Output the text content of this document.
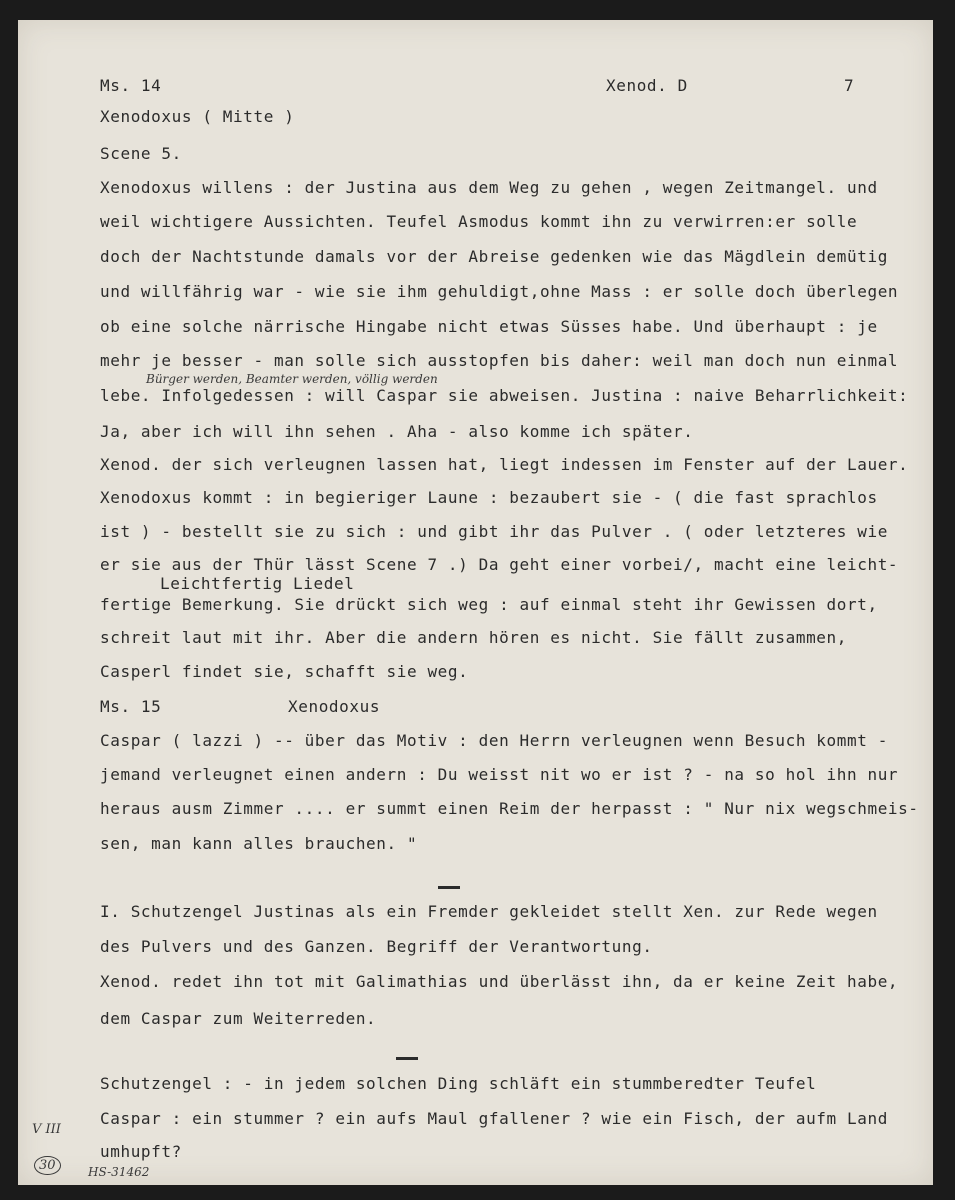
Ms. 14	Xenod. D	7
Xenodoxus ( Mitte )
Scene 5.
Xenodoxus willens : der Justina aus dem Weg zu gehen , wegen Zeitmangel. und
weil wichtigere Aussichten. Teufel Asmodus kommt ihn zu verwirren:er solle
doch der Nachtstunde damals vor der Abreise gedenken wie das Mägdlein demütig
und willfährig war - wie sie ihm gehuldigt,ohne Mass : er solle doch überlegen
ob eine solche närrische Hingabe nicht etwas Süsses habe. Und überhaupt : je
mehr je besser - man solle sich ausstopfen bis daher: weil man doch nun einmal
Bürger werden, Beamter werden, völlig werden
lebe. Infolgedessen : will Caspar sie abweisen. Justina : naive Beharrlichkeit:
Ja, aber ich will ihn sehen . Aha - also komme ich später.
Xenod. der sich verleugnen lassen hat, liegt indessen im Fenster auf der Lauer.
Xenodoxus kommt : in begieriger Laune : bezaubert sie - ( die fast sprachlos
ist ) - bestellt sie zu sich : und gibt ihr das Pulver . ( oder letzteres wie
er sie aus der Thür lässt Scene 7 .) Da geht einer vorbei/, macht eine leicht-
Leichtfertig Liedel
fertige Bemerkung. Sie drückt sich weg : auf einmal steht ihr Gewissen dort,
schreit laut mit ihr. Aber die andern hören es nicht. Sie fällt zusammen,
Casperl findet sie, schafft sie weg.
Ms. 15	Xenodoxus
Caspar ( lazzi ) -- über das Motiv : den Herrn verleugnen wenn Besuch kommt -
jemand verleugnet einen andern : Du weisst nit wo er ist ? - na so hol ihn nur
heraus ausm Zimmer .... er summt einen Reim der herpasst : " Nur nix wegschmeis-
sen, man kann alles brauchen. "
I. Schutzengel Justinas als ein Fremder gekleidet stellt Xen. zur Rede wegen
des Pulvers und des Ganzen. Begriff der Verantwortung.
Xenod. redet ihn tot mit Galimathias und überlässt ihn, da er keine Zeit habe,
dem Caspar zum Weiterreden.
Schutzengel : - in jedem solchen Ding schläft ein stummberedter Teufel
Caspar : ein stummer ? ein aufs Maul gfallener ? wie ein Fisch, der aufm Land
umhupft?
V III
30	HS-31462
